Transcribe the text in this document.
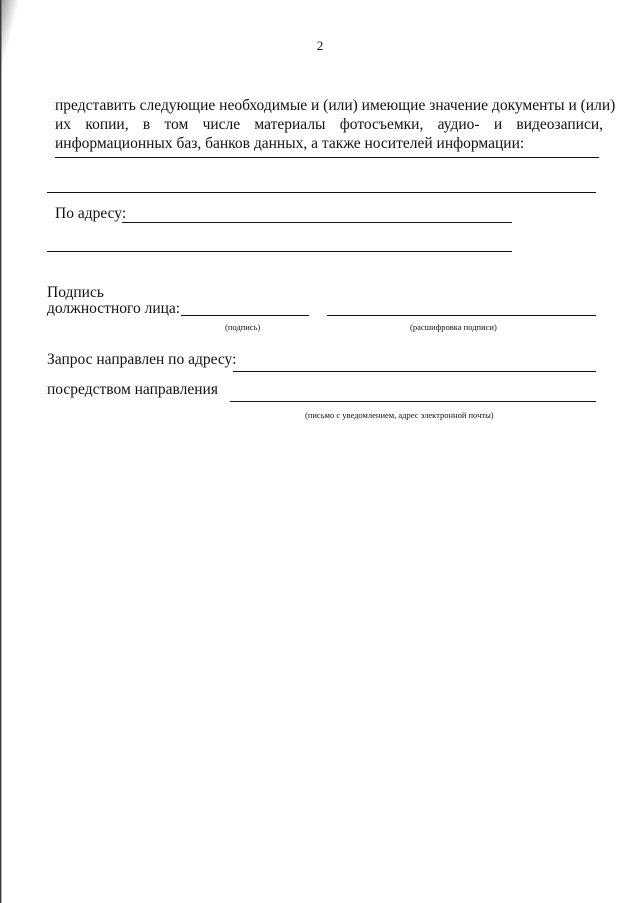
2
представить следующие необходимые и (или) имеющие значение документы и (или)
их копии, в том числе материалы фотосъемки, аудио- и видеозаписи,
информационных баз, банков данных, а также носителей информации:
По адресу:
Подпись
должностного лица:
(подпись)	(расшифровка подписи)
Запрос направлен по адресу:
посредством направления
(письмо с уведомлением, адрес электронной почты)
